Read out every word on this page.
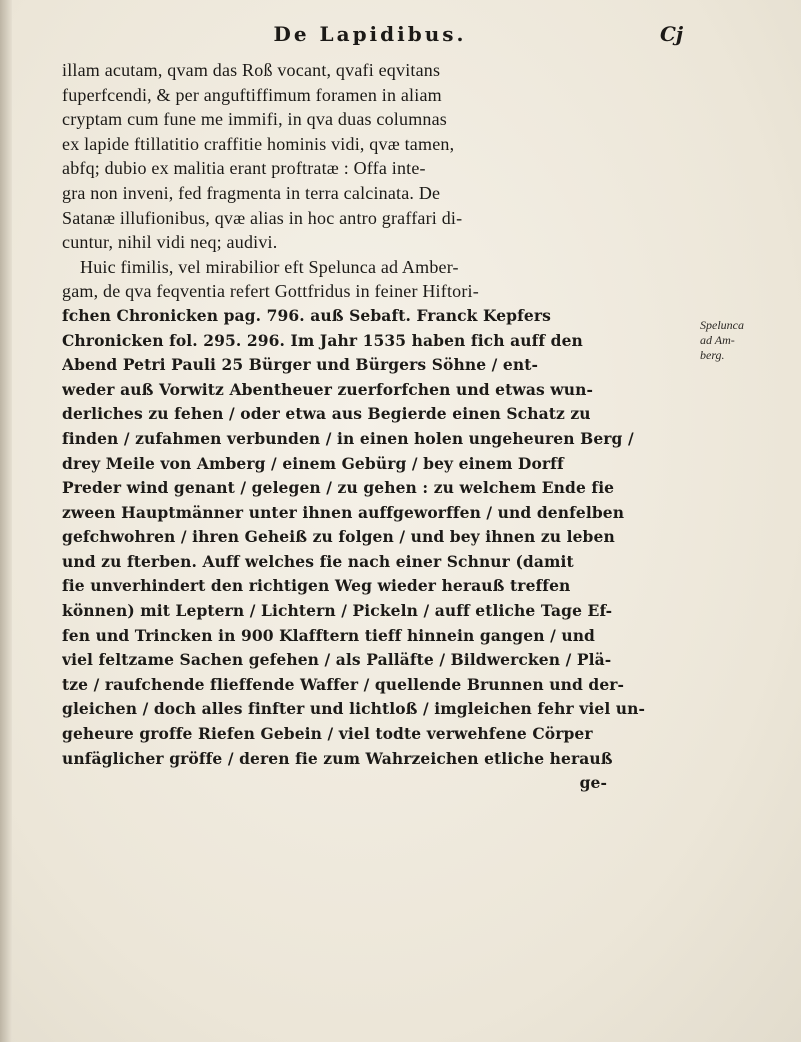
De Lapidibus.	Cj
illam acutam, qvam das Roß vocant, qvafi eqvitans
fuperfcendi, & per anguftiffimum foramen in aliam
cryptam cum fune me immifi, in qva duas columnas
ex lapide ftillatitio craffitie hominis vidi, qvæ tamen,
abfq; dubio ex malitia erant proftratæ : Offa inte-
gra non inveni, fed fragmenta in terra calcinata. De
Satanæ illufionibus, qvæ alias in hoc antro graffari di-
cuntur, nihil vidi neq; audivi.
Huic fimilis, vel mirabilior eft Spelunca ad Amber-
gam, de qva feqventia refert Gottfridus in feiner Hiftori-
fchen Chronicken pag. 796. auß Sebaft. Franck Kepfers
Chronicken fol. 295. 296. Im Jahr 1535 haben fich auff den
Abend Petri Pauli 25 Bürger und Bürgers Söhne / ent-
weder auß Vorwitz Abentheuer zuerforfchen und etwas wun-
derliches zu fehen / oder etwa aus Begierde einen Schatz zu
finden / zufahmen verbunden / in einen holen ungeheuren Berg /
drey Meile von Amberg / einem Gebürg / bey einem Dorff
Preder wind genant / gelegen / zu gehen : zu welchem Ende fie
zween Hauptmänner unter ihnen auffgeworffen / und denfelben
gefchwohren / ihren Geheiß zu folgen / und bey ihnen zu leben
und zu fterben. Auff welches fie nach einer Schnur (damit
fie unverhindert den richtigen Weg wieder herauß treffen
können) mit Leptern / Lichtern / Pickeln / auff etliche Tage Ef-
fen und Trincken in 900 Klafftern tieff hinnein gangen / und
viel feltzame Sachen gefehen / als Palläfte / Bildwercken / Plä-
tze / raufchende flieffende Waffer / quellende Brunnen und der-
gleichen / doch alles finfter und lichtloß / imgleichen fehr viel un-
geheure groffe Riefen Gebein / viel todte verwehfene Cörper
unfäglicher gröffe / deren fie zum Wahrzeichen etliche herauß
ge-
Spelunca
ad Am-
berg.
